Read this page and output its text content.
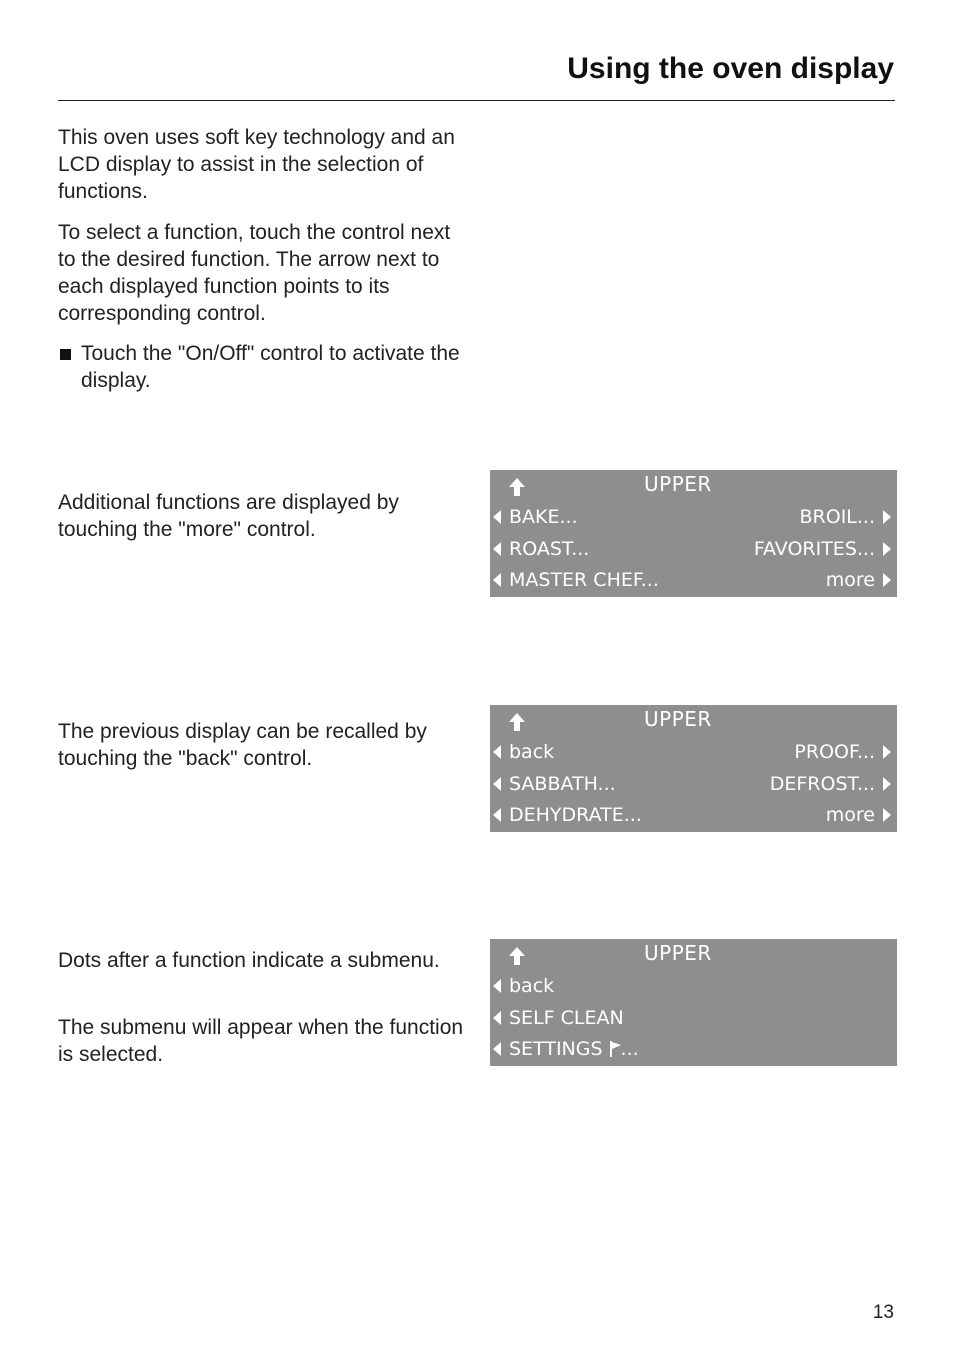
Using the oven display

This oven uses soft key technology and an LCD display to assist in the selection of functions.

To select a function, touch the control next to the desired function. The arrow next to each displayed function points to its corresponding control.

Touch the "On/Off" control to activate the display.

Additional functions are displayed by touching the "more" control.

The previous display can be recalled by touching the "back" control.

Dots after a function indicate a submenu.

The submenu will appear when the function is selected.

UPPER
BAKE...	BROIL...
ROAST...	FAVORITES...
MASTER CHEF...	more
UPPER
back	PROOF...
SABBATH...	DEFROST...
DEHYDRATE...	more
UPPER
back
SELF CLEAN
SETTINGS ...
13
